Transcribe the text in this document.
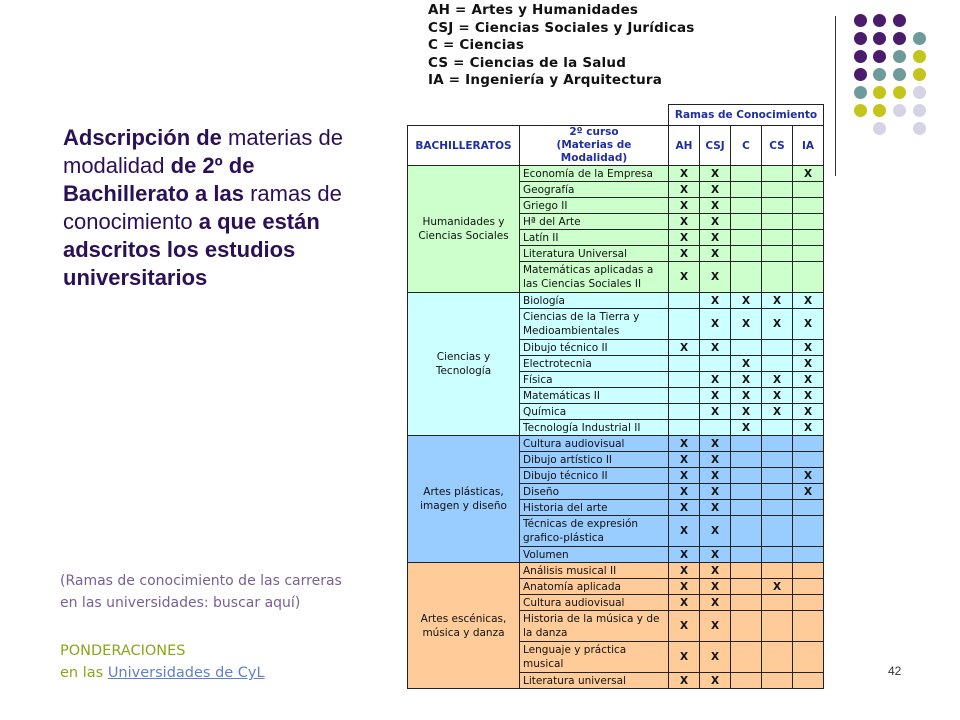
AH = Artes y Humanidades
CSJ = Ciencias Sociales y Jurídicas
C = Ciencias
CS = Ciencias de la Salud
IA = Ingeniería y Arquitectura
Adscripción de materias de modalidad de 2º de Bachillerato a las ramas de conocimiento a que están adscritos los estudios universitarios
(Ramas de conocimiento de las carreras
en las universidades: buscar aquí)
PONDERACIONES
en las Universidades de CyL	42
		Ramas de Conocimiento				
BACHILLERATOS	2º curso
(Materias de Modalidad)	AH	CSJ	C	CS	IA
Humanidades y Ciencias Sociales	Economía de la Empresa	X	X			X
	Geografía	X	X			
	Griego II	X	X			
	Hª del Arte	X	X			
	Latín II	X	X			
	Literatura Universal	X	X			
	Matemáticas aplicadas a las Ciencias Sociales II	X	X			
Ciencias y Tecnología	Biología		X	X	X	X
	Ciencias de la Tierra y Medioambientales		X	X	X	X
	Dibujo técnico II	X	X			X
	Electrotecnia			X		X
	Física		X	X	X	X
	Matemáticas II		X	X	X	X
	Química		X	X	X	X
	Tecnología Industrial II			X		X
Artes plásticas, imagen y diseño	Cultura audiovisual	X	X			
	Dibujo artístico II	X	X			
	Dibujo técnico II	X	X			X
	Diseño	X	X			X
	Historia del arte	X	X			
	Técnicas de expresión grafico-plástica	X	X			
	Volumen	X	X			
Artes escénicas, música y danza	Análisis musical II	X	X			
	Anatomía aplicada	X	X		X	
	Cultura audiovisual	X	X			
	Historia de la música y de la danza	X	X			
	Lenguaje y práctica musical	X	X			
	Literatura universal	X	X			
